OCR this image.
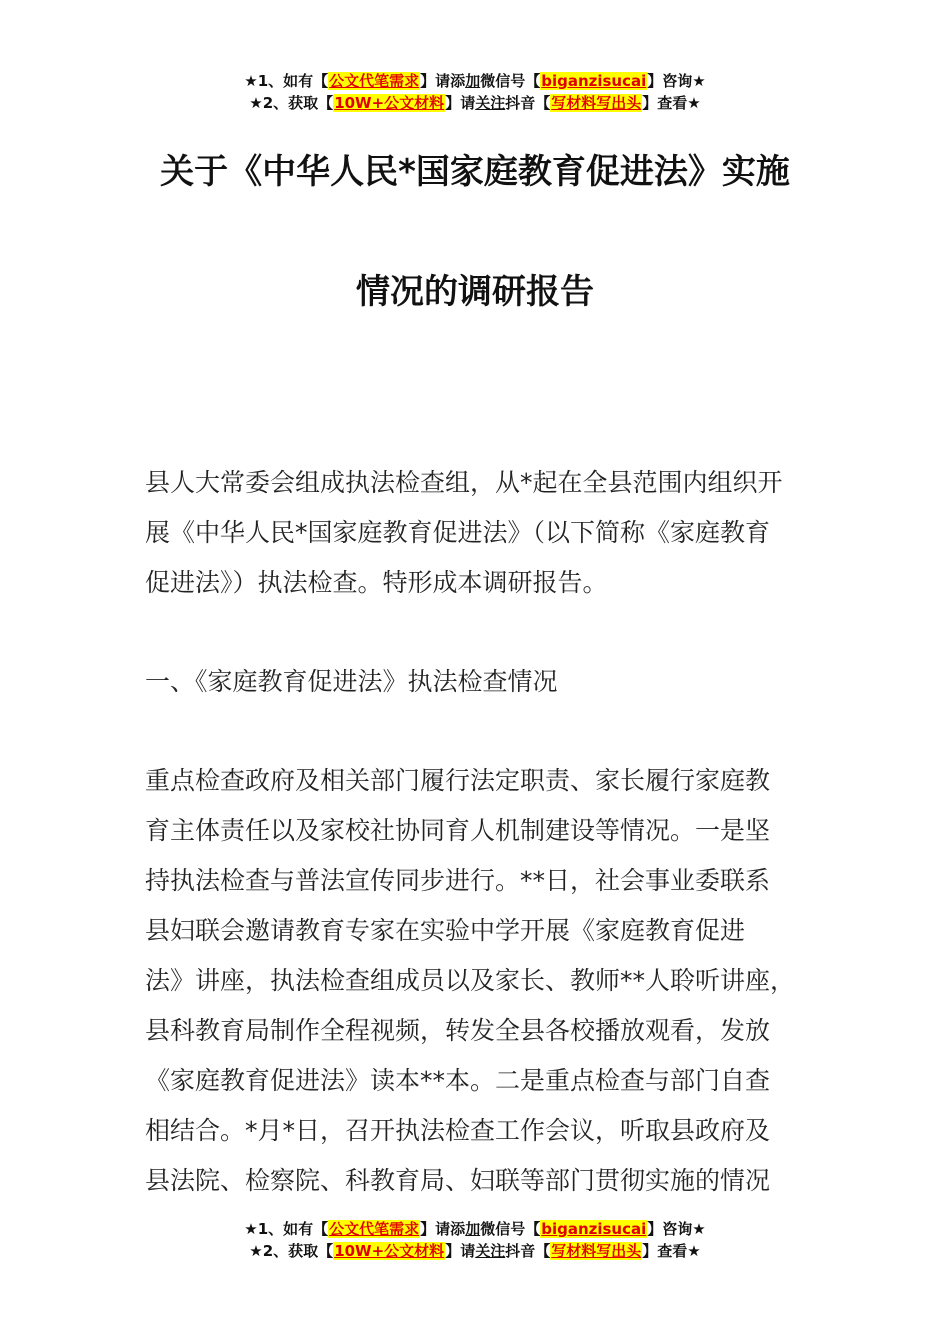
★1、如有【公文代笔需求】请添加微信号【biganzisucai】咨询★
★2、获取【10W+公文材料】请关注抖音【写材料写出头】查看★
关于《中华人民*国家庭教育促进法》实施
情况的调研报告

县人大常委会组成执法检查组，从*起在全县范围内组织开

展《中华人民*国家庭教育促进法》（以下简称《家庭教育

促进法》）执法检查。特形成本调研报告。

一、《家庭教育促进法》执法检查情况

重点检查政府及相关部门履行法定职责、家长履行家庭教

育主体责任以及家校社协同育人机制建设等情况。一是坚

持执法检查与普法宣传同步进行。**日，社会事业委联系

县妇联会邀请教育专家在实验中学开展《家庭教育促进

法》讲座，执法检查组成员以及家长、教师**人聆听讲座，

县科教育局制作全程视频，转发全县各校播放观看，发放

《家庭教育促进法》读本**本。二是重点检查与部门自查

相结合。*月*日，召开执法检查工作会议，听取县政府及

县法院、检察院、科教育局、妇联等部门贯彻实施的情况

★1、如有【公文代笔需求】请添加微信号【biganzisucai】咨询★
★2、获取【10W+公文材料】请关注抖音【写材料写出头】查看★
